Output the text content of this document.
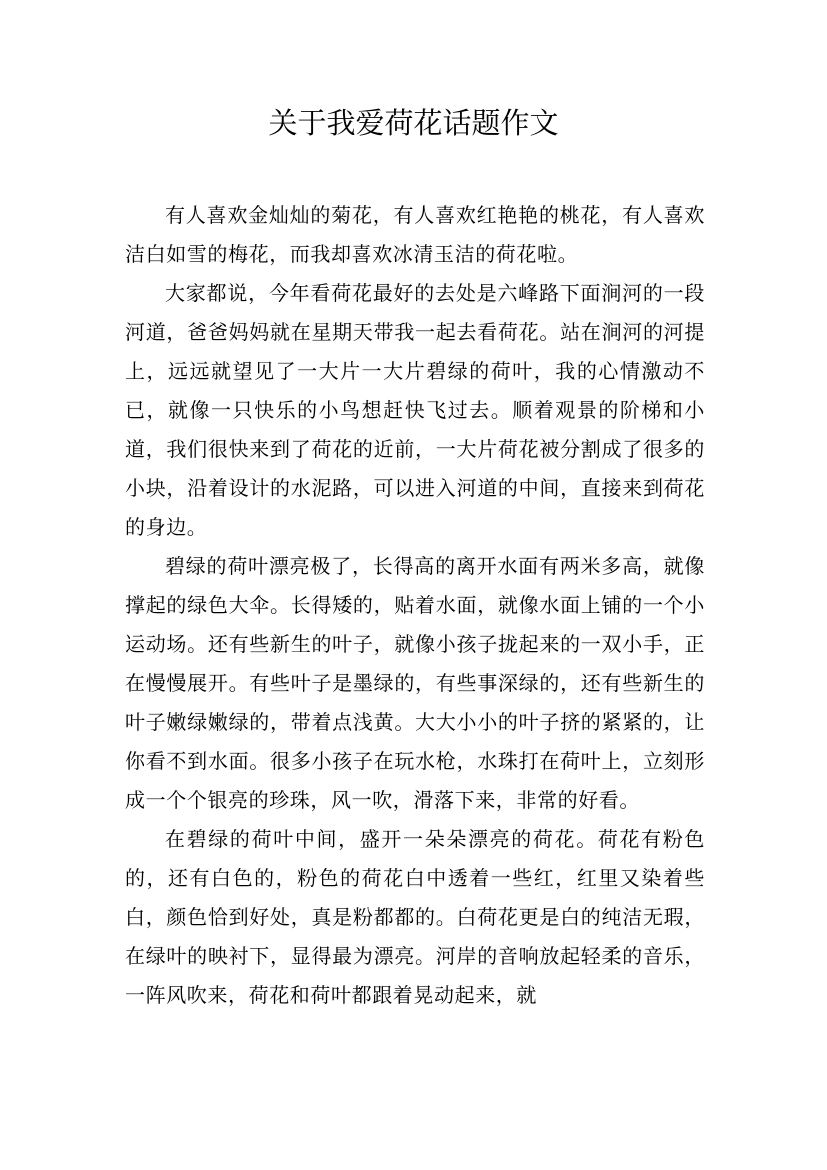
关于我爱荷花话题作文

有人喜欢金灿灿的菊花，有人喜欢红艳艳的桃花，有人喜欢洁白如雪的梅花，而我却喜欢冰清玉洁的荷花啦。

大家都说，今年看荷花最好的去处是六峰路下面涧河的一段河道，爸爸妈妈就在星期天带我一起去看荷花。站在涧河的河提上，远远就望见了一大片一大片碧绿的荷叶，我的心情激动不已，就像一只快乐的小鸟想赶快飞过去。顺着观景的阶梯和小道，我们很快来到了荷花的近前，一大片荷花被分割成了很多的小块，沿着设计的水泥路，可以进入河道的中间，直接来到荷花的身边。

碧绿的荷叶漂亮极了，长得高的离开水面有两米多高，就像撑起的绿色大伞。长得矮的，贴着水面，就像水面上铺的一个小运动场。还有些新生的叶子，就像小孩子拢起来的一双小手，正在慢慢展开。有些叶子是墨绿的，有些事深绿的，还有些新生的叶子嫩绿嫩绿的，带着点浅黄。大大小小的叶子挤的紧紧的，让你看不到水面。很多小孩子在玩水枪，水珠打在荷叶上，立刻形成一个个银亮的珍珠，风一吹，滑落下来，非常的好看。

在碧绿的荷叶中间，盛开一朵朵漂亮的荷花。荷花有粉色的，还有白色的，粉色的荷花白中透着一些红，红里又染着些白，颜色恰到好处，真是粉都都的。白荷花更是白的纯洁无瑕，在绿叶的映衬下，显得最为漂亮。河岸的音响放起轻柔的音乐，一阵风吹来，荷花和荷叶都跟着晃动起来，就
